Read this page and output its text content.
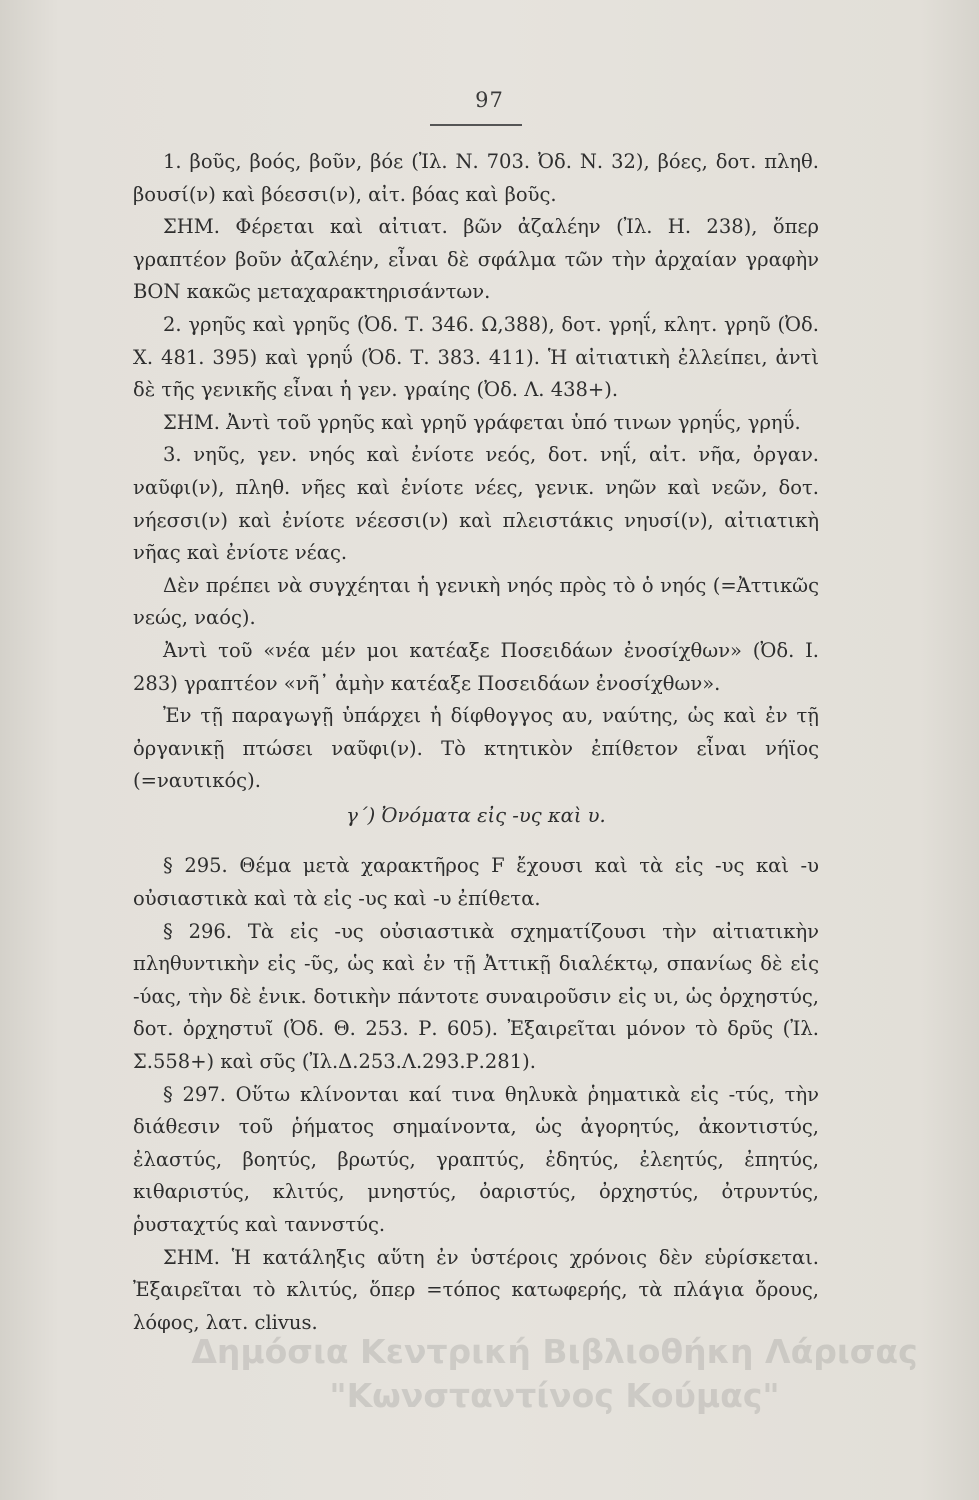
97

1. βοῦς, βοός, βοῦν, βόε (Ἰλ. Ν. 703. Ὀδ. Ν. 32), βόες, δοτ. πληθ. βουσί(ν) καὶ βόεσσι(ν), αἰτ. βόας καὶ βοῦς.

ΣΗΜ. Φέρεται καὶ αἰτιατ. βῶν ἀζαλέην (Ἰλ. Η. 238), ὅπερ γραπτέον βοῦν ἀζαλέην, εἶναι δὲ σφάλμα τῶν τὴν ἀρχαίαν γραφὴν ΒΟΝ κακῶς μεταχαρακτηρισάντων.

2. γρηῦς καὶ γρηῦς (Ὀδ. Τ. 346. Ω,388), δοτ. γρηΐ, κλητ. γρηῦ (Ὀδ. Χ. 481. 395) καὶ γρηΰ (Ὀδ. Τ. 383. 411). Ἡ αἰτιατικὴ ἐλλείπει, ἀντὶ δὲ τῆς γενικῆς εἶναι ἡ γεν. γραίης (Ὀδ. Λ. 438+).

ΣΗΜ. Ἀντὶ τοῦ γρηῦς καὶ γρηῦ γράφεται ὑπό τινων γρηΰς, γρηΰ.

3. νηῦς, γεν. νηός καὶ ἐνίοτε νεός, δοτ. νηΐ, αἰτ. νῆα, ὀργαν. ναῦφι(ν), πληθ. νῆες καὶ ἐνίοτε νέες, γενικ. νηῶν καὶ νεῶν, δοτ. νήεσσι(ν) καὶ ἐνίοτε νέεσσι(ν) καὶ πλειστάκις νηυσί(ν), αἰτιατικὴ νῆας καὶ ἐνίοτε νέας.

Δὲν πρέπει νὰ συγχέηται ἡ γενικὴ νηός πρὸς τὸ ὁ νηός (=Ἀττικῶς νεώς, ναός).

Ἀντὶ τοῦ «νέα μέν μοι κατέαξε Ποσειδάων ἐνοσίχθων» (Ὀδ. Ι. 283) γραπτέον «νῆ᾽ ἀμὴν κατέαξε Ποσειδάων ἐνοσίχθων».

Ἐν τῇ παραγωγῇ ὑπάρχει ἡ δίφθογγος αυ, ναύτης, ὡς καὶ ἐν τῇ ὀργανικῇ πτώσει ναῦφι(ν). Τὸ κτητικὸν ἐπίθετον εἶναι νήϊος (=ναυτικός).

γ´) Ὀνόματα εἰς -υς καὶ υ.

§ 295. Θέμα μετὰ χαρακτῆρος F ἔχουσι καὶ τὰ εἰς -υς καὶ -υ οὐσιαστικὰ καὶ τὰ εἰς -υς καὶ -υ ἐπίθετα.

§ 296. Τὰ εἰς -υς οὐσιαστικὰ σχηματίζουσι τὴν αἰτιατικὴν πληθυντικὴν εἰς -ῦς, ὡς καὶ ἐν τῇ Ἀττικῇ διαλέκτῳ, σπανίως δὲ εἰς -ύας, τὴν δὲ ἑνικ. δοτικὴν πάντοτε συναιροῦσιν εἰς υι, ὡς ὀρχηστύς, δοτ. ὀρχηστυῖ (Ὀδ. Θ. 253. Ρ. 605). Ἐξαιρεῖται μόνον τὸ δρῦς (Ἰλ. Σ.558+) καὶ σῦς (Ἰλ.Δ.253.Λ.293.Ρ.281).

§ 297. Οὕτω κλίνονται καί τινα θηλυκὰ ῥηματικὰ εἰς -τύς, τὴν διάθεσιν τοῦ ῥήματος σημαίνοντα, ὡς ἀγορητύς, ἀκοντιστύς, ἐλαστύς, βοητύς, βρωτύς, γραπτύς, ἐδητύς, ἐλεητύς, ἐπητύς, κιθαριστύς, κλιτύς, μνηστύς, ὀαριστύς, ὀρχηστύς, ὀτρυντύς, ῥυσταχτύς καὶ ταννστύς.

ΣΗΜ. Ἡ κατάληξις αὕτη ἐν ὑστέροις χρόνοις δὲν εὑρίσκεται. Ἐξαιρεῖται τὸ κλιτύς, ὅπερ =τόπος κατωφερής, τὰ πλάγια ὄρους, λόφος, λατ. clivus.

Δημόσια Κεντρική Βιβλιοθήκη Λάρισας
"Κωνσταντίνος Κούμας"
